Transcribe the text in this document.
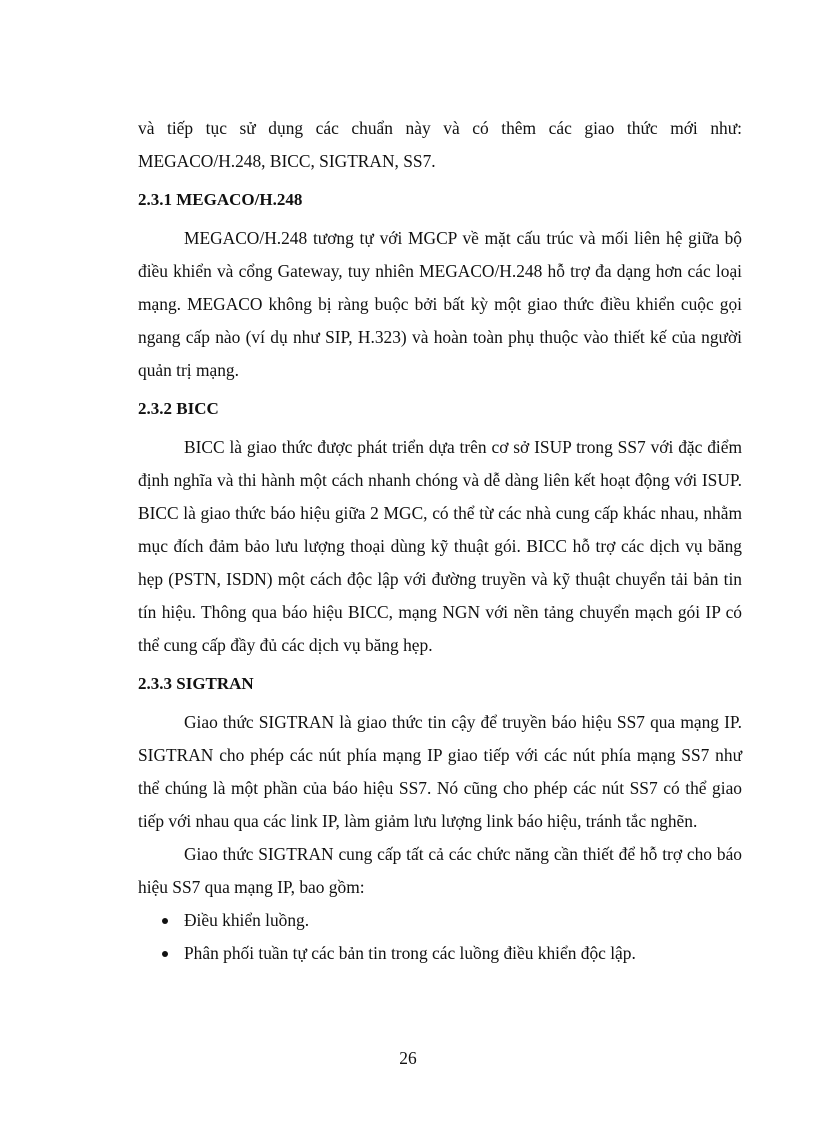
và tiếp tục sử dụng các chuẩn này và có thêm các giao thức mới như: MEGACO/H.248, BICC, SIGTRAN, SS7.

2.3.1 MEGACO/H.248

MEGACO/H.248 tương tự với MGCP về mặt cấu trúc và mối liên hệ giữa bộ điều khiển và cổng Gateway, tuy nhiên MEGACO/H.248 hỗ trợ đa dạng hơn các loại mạng. MEGACO không bị ràng buộc bởi bất kỳ một giao thức điều khiển cuộc gọi ngang cấp nào (ví dụ như SIP, H.323) và hoàn toàn phụ thuộc vào thiết kế của người quản trị mạng.

2.3.2 BICC

BICC là giao thức được phát triển dựa trên cơ sở ISUP trong SS7 với đặc điểm định nghĩa và thi hành một cách nhanh chóng và dễ dàng liên kết hoạt động với ISUP. BICC là giao thức báo hiệu giữa 2 MGC, có thể từ các nhà cung cấp khác nhau, nhằm mục đích đảm bảo lưu lượng thoại dùng kỹ thuật gói. BICC hỗ trợ các dịch vụ băng hẹp (PSTN, ISDN) một cách độc lập với đường truyền và kỹ thuật chuyển tải bản tin tín hiệu. Thông qua báo hiệu BICC, mạng NGN với nền tảng chuyển mạch gói IP có thể cung cấp đầy đủ các dịch vụ băng hẹp.

2.3.3 SIGTRAN

Giao thức SIGTRAN là giao thức tin cậy để truyền báo hiệu SS7 qua mạng IP. SIGTRAN cho phép các nút phía mạng IP giao tiếp với các nút phía mạng SS7 như thể chúng là một phần của báo hiệu SS7. Nó cũng cho phép các nút SS7 có thể giao tiếp với nhau qua các link IP, làm giảm lưu lượng link báo hiệu, tránh tắc nghẽn.

Giao thức SIGTRAN cung cấp tất cả các chức năng cần thiết để hỗ trợ cho báo hiệu SS7 qua mạng IP, bao gồm:

Điều khiển luồng.
Phân phối tuần tự các bản tin trong các luồng điều khiển độc lập.
26
